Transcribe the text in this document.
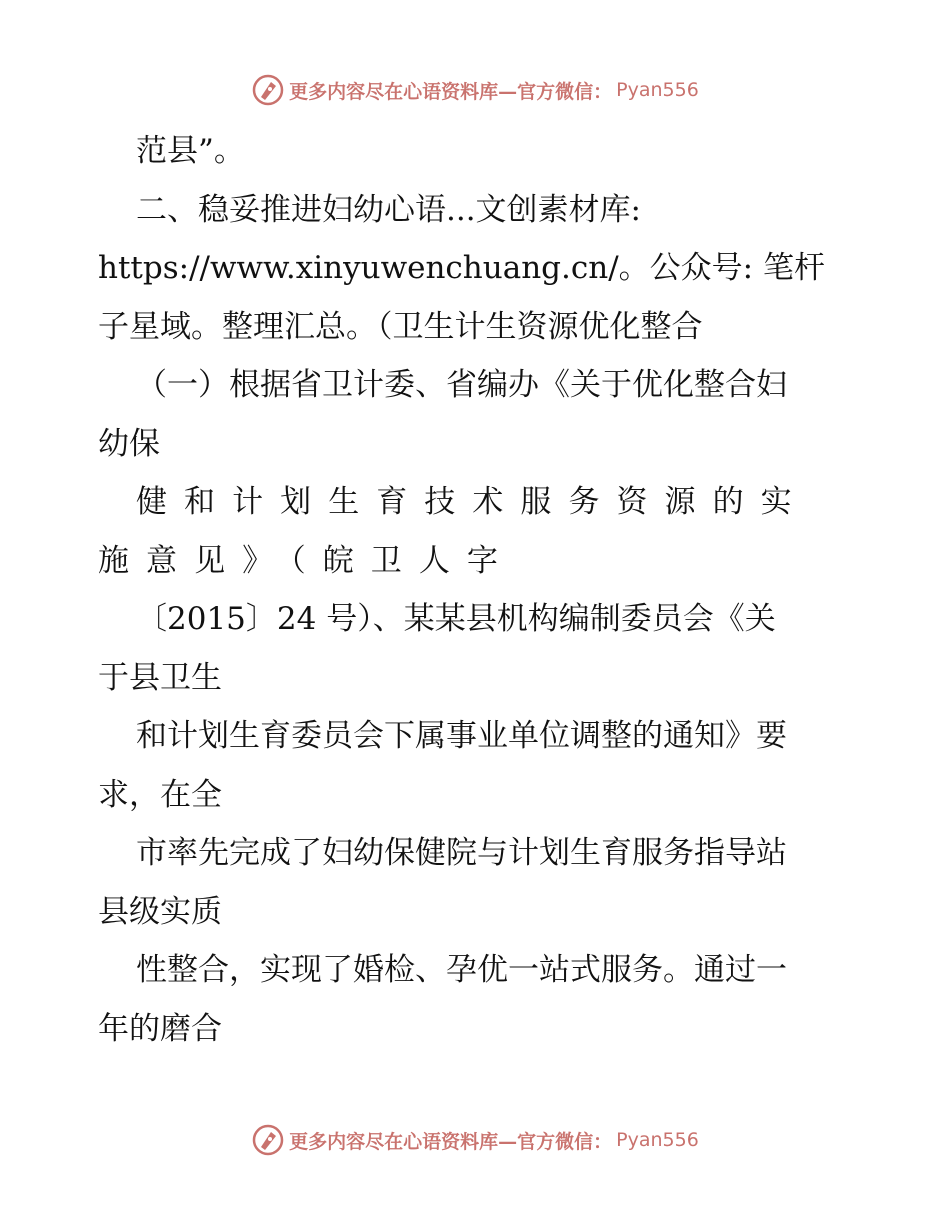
更多内容尽在心语资料库—官方微信： Pyan556
范县”。
二、稳妥推进妇幼心语...文创素材库:
https://www.xinyuwenchuang.cn/。公众号: 笔杆
子星域。整理汇总。（卫生计生资源优化整合
（一）根据省卫计委、省编办《关于优化整合妇
幼保
健和计划生育技术服务资源的实
施意见》（皖卫人字
〔2015〕24 号）、某某县机构编制委员会《关
于县卫生
和计划生育委员会下属事业单位调整的通知》要
求，在全
市率先完成了妇幼保健院与计划生育服务指导站
县级实质
性整合，实现了婚检、孕优一站式服务。通过一
年的磨合
更多内容尽在心语资料库—官方微信： Pyan556
